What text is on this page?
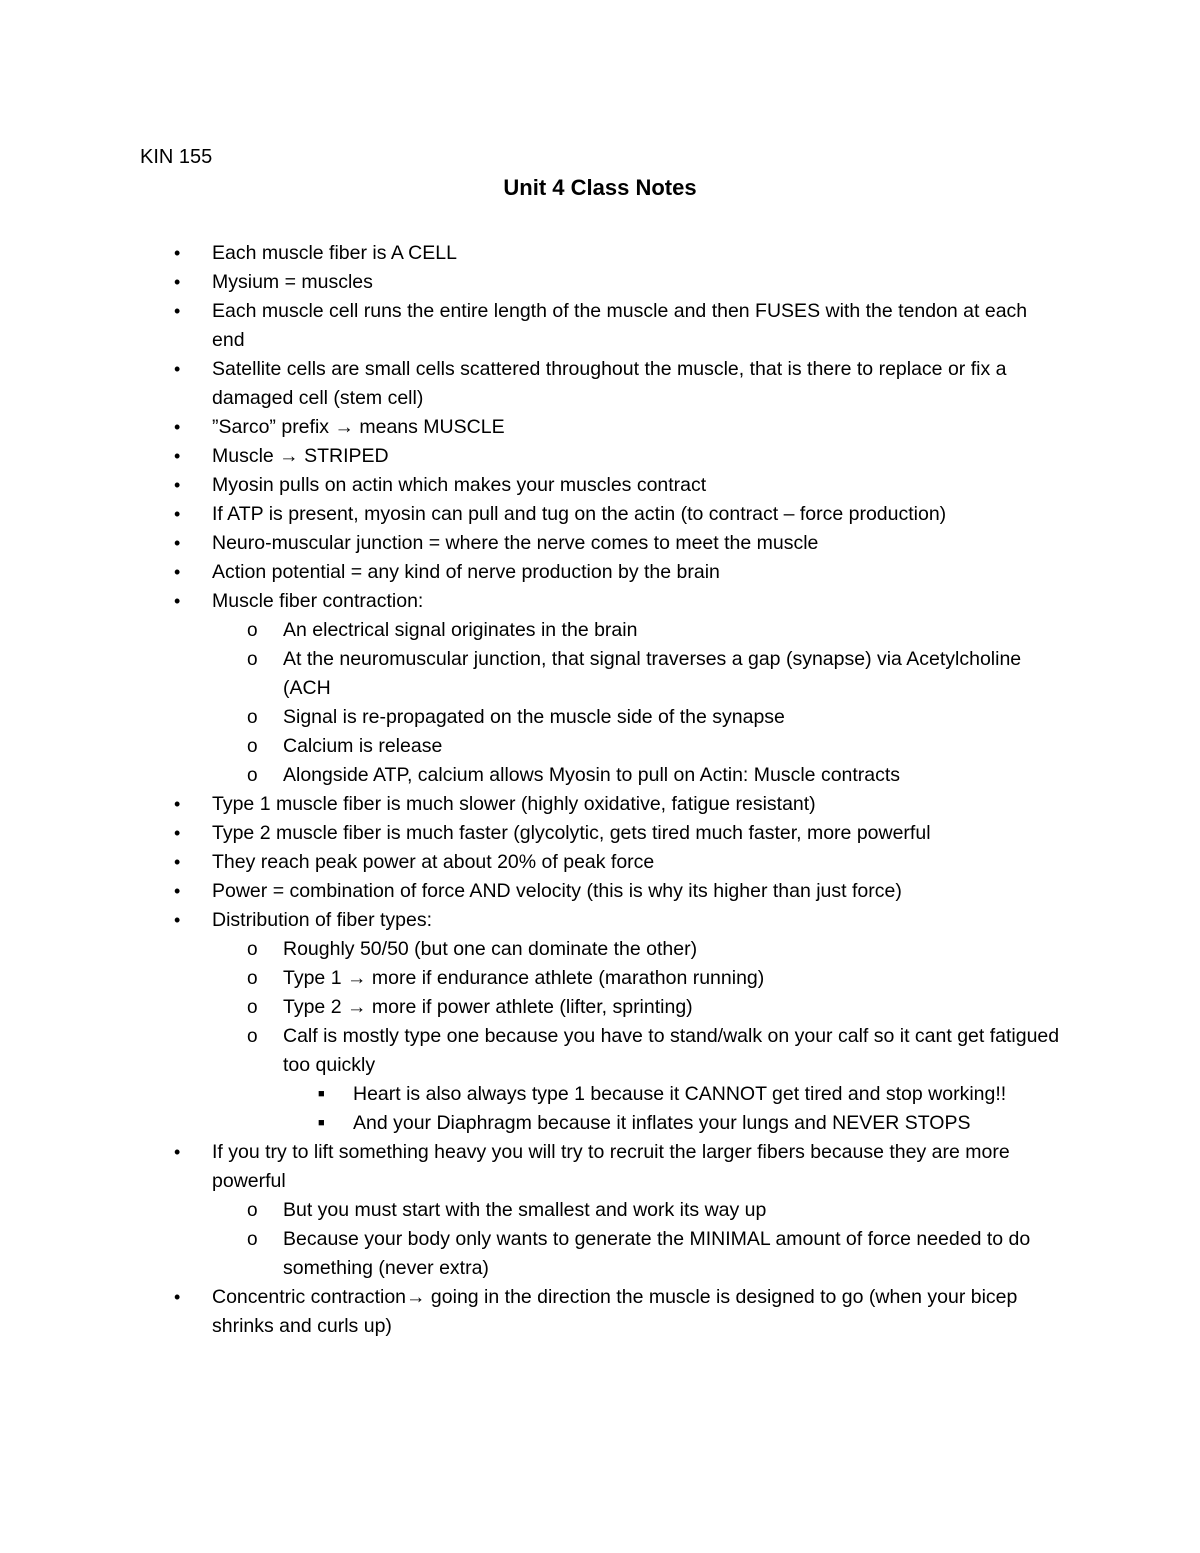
KIN 155
Unit 4 Class Notes
• Each muscle fiber is A CELL
• Mysium = muscles
• Each muscle cell runs the entire length of the muscle and then FUSES with the tendon at each end
• Satellite cells are small cells scattered throughout the muscle, that is there to replace or fix a damaged cell (stem cell)
• ”Sarco” prefix → means MUSCLE
• Muscle → STRIPED
• Myosin pulls on actin which makes your muscles contract
• If ATP is present, myosin can pull and tug on the actin (to contract – force production)
• Neuro-muscular junction = where the nerve comes to meet the muscle
• Action potential = any kind of nerve production by the brain
• Muscle fiber contraction:
o An electrical signal originates in the brain
o At the neuromuscular junction, that signal traverses a gap (synapse) via Acetylcholine (ACH
o Signal is re-propagated on the muscle side of the synapse
o Calcium is release
o Alongside ATP, calcium allows Myosin to pull on Actin: Muscle contracts
• Type 1 muscle fiber is much slower (highly oxidative, fatigue resistant)
• Type 2 muscle fiber is much faster (glycolytic, gets tired much faster, more powerful
• They reach peak power at about 20% of peak force
• Power = combination of force AND velocity (this is why its higher than just force)
• Distribution of fiber types:
o Roughly 50/50 (but one can dominate the other)
o Type 1 → more if endurance athlete (marathon running)
o Type 2 → more if power athlete (lifter, sprinting)
o Calf is mostly type one because you have to stand/walk on your calf so it cant get fatigued too quickly
■ Heart is also always type 1 because it CANNOT get tired and stop working!!
■ And your Diaphragm because it inflates your lungs and NEVER STOPS
• If you try to lift something heavy you will try to recruit the larger fibers because they are more powerful
o But you must start with the smallest and work its way up
o Because your body only wants to generate the MINIMAL amount of force needed to do something (never extra)
• Concentric contraction→ going in the direction the muscle is designed to go (when your bicep shrinks and curls up)
